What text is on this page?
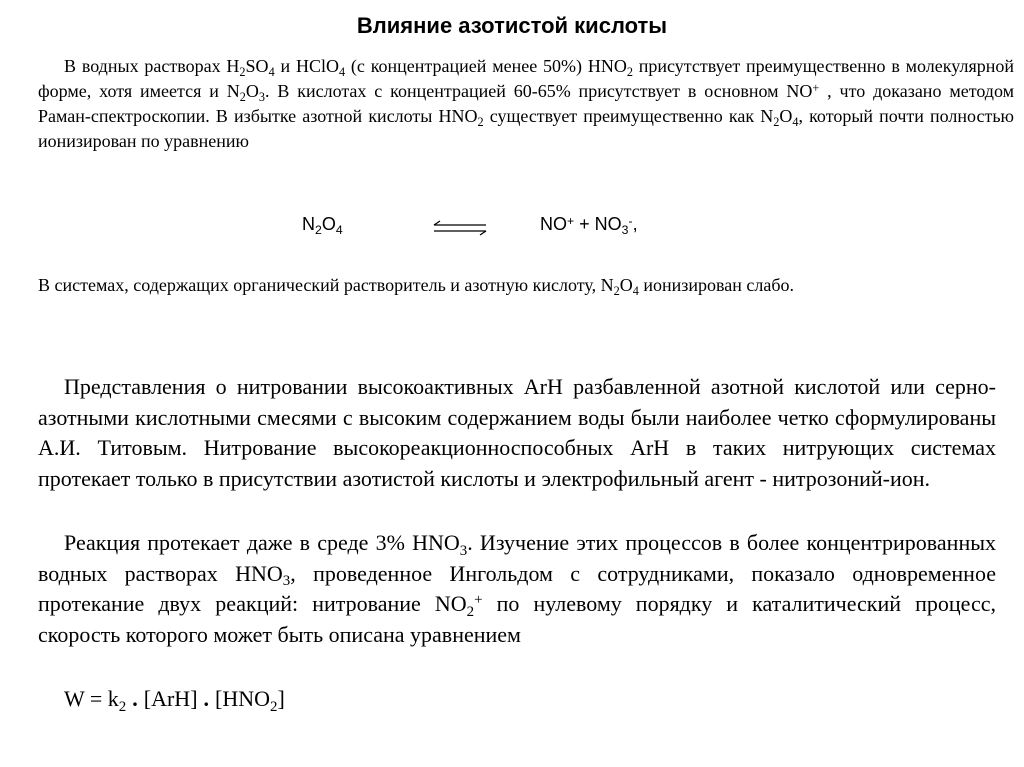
Влияние азотистой кислоты
В водных растворах $H_2SO_4$ и HClO$_4$ (с концентрацией менее 50%) $HNO_2$ присутствует преимущественно в молекулярной форме, хотя имеется и $N_2O_3$. В кислотах с концентрацией 60-65% присутствует в основном NO+ , что доказано методом Раман-спектроскопии. В избытке азотной кислоты $HNO_2$ существует преимущественно как $N_2O_4$, который почти полностью ионизирован по уравнению
$N_2O_4$	$NO^+ + NO_3^-$,
В системах, содержащих органический растворитель и азотную кислоту, $N_2O_4$ ионизирован слабо.
Представления о нитровании высокоактивных ArH разбавленной азотной кислотой или серно-азотными кислотными смесями с высоким содержанием воды были наиболее четко сформулированы А.И. Титовым. Нитрование высокореакционноспособных ArH в таких нитрующих системах протекает только в присутствии азотистой кислоты и электрофильный агент - нитрозоний-ион.
Реакция протекает даже в среде 3% $HNO_3$. Изучение этих процессов в более концентрированных водных растворах $HNO_3$, проведенное Ингольдом с сотрудниками, показало одновременное протекание двух реакций: нитрование $NO_2^+$ по нулевому порядку и каталитический процесс, скорость которого может быть описана уравнением
$W = k_2$ . [ArH] . $[HNO_2]$
